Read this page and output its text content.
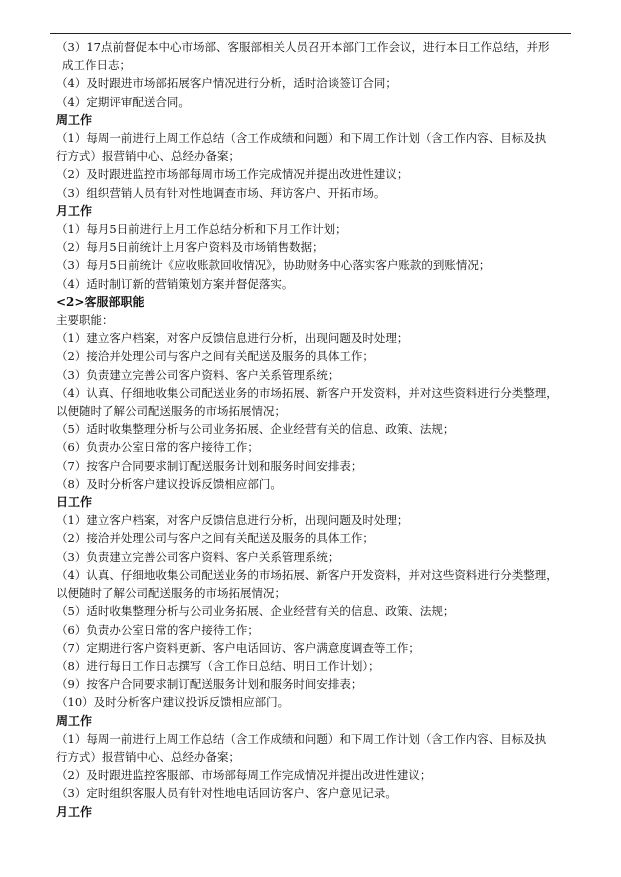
（3）17点前督促本中心市场部、客服部相关人员召开本部门工作会议，进行本日工作总结，并形
成工作日志；
（4）及时跟进市场部拓展客户情况进行分析，适时洽谈签订合同；
（4）定期评审配送合同。
周工作
（1）每周一前进行上周工作总结（含工作成绩和问题）和下周工作计划（含工作内容、目标及执
行方式）报营销中心、总经办备案；
（2）及时跟进监控市场部每周市场工作完成情况并提出改进性建议；
（3）组织营销人员有针对性地调查市场、拜访客户、开拓市场。
月工作
（1）每月5日前进行上月工作总结分析和下月工作计划；
（2）每月5日前统计上月客户资料及市场销售数据；
（3）每月5日前统计《应收账款回收情况》，协助财务中心落实客户账款的到账情况；
（4）适时制订新的营销策划方案并督促落实。
<2>客服部职能
主要职能：
（1）建立客户档案，对客户反馈信息进行分析，出现问题及时处理；
（2）接洽并处理公司与客户之间有关配送及服务的具体工作；
（3）负责建立完善公司客户资料、客户关系管理系统；
（4）认真、仔细地收集公司配送业务的市场拓展、新客户开发资料，并对这些资料进行分类整理，
以便随时了解公司配送服务的市场拓展情况；
（5）适时收集整理分析与公司业务拓展、企业经营有关的信息、政策、法规；
（6）负责办公室日常的客户接待工作；
（7）按客户合同要求制订配送服务计划和服务时间安排表；
（8）及时分析客户建议投诉反馈相应部门。
日工作
（1）建立客户档案，对客户反馈信息进行分析，出现问题及时处理；
（2）接洽并处理公司与客户之间有关配送及服务的具体工作；
（3）负责建立完善公司客户资料、客户关系管理系统；
（4）认真、仔细地收集公司配送业务的市场拓展、新客户开发资料，并对这些资料进行分类整理，
以便随时了解公司配送服务的市场拓展情况；
（5）适时收集整理分析与公司业务拓展、企业经营有关的信息、政策、法规；
（6）负责办公室日常的客户接待工作；
（7）定期进行客户资料更新、客户电话回访、客户满意度调查等工作；
（8）进行每日工作日志撰写（含工作日总结、明日工作计划）；
（9）按客户合同要求制订配送服务计划和服务时间安排表；
（10）及时分析客户建议投诉反馈相应部门。
周工作
（1）每周一前进行上周工作总结（含工作成绩和问题）和下周工作计划（含工作内容、目标及执
行方式）报营销中心、总经办备案；
（2）及时跟进监控客服部、市场部每周工作完成情况并提出改进性建议；
（3）定时组织客服人员有针对性地电话回访客户、客户意见记录。
月工作
